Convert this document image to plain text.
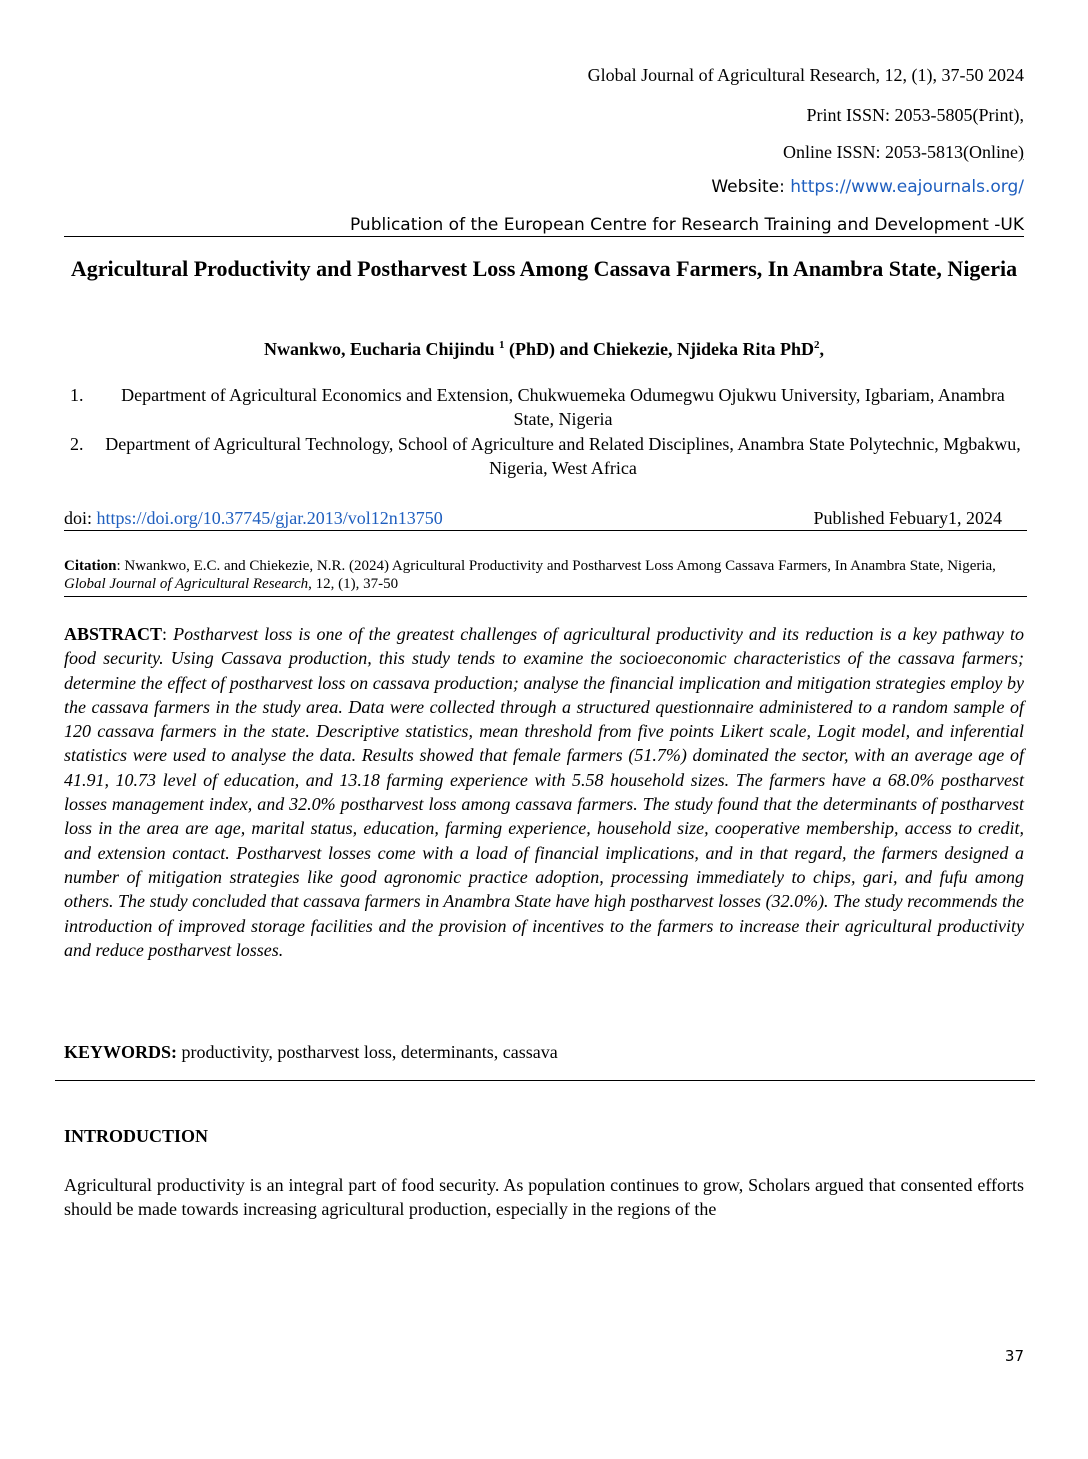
Global Journal of Agricultural Research, 12, (1), 37-50 2024
Print ISSN: 2053-5805(Print),
Online ISSN: 2053-5813(Online)
Website: https://www.eajournals.org/
Publication of the European Centre for Research Training and Development -UK
Agricultural Productivity and Postharvest Loss Among Cassava Farmers, In Anambra State, Nigeria
Nwankwo, Eucharia Chijindu $^1$ (PhD) and Chiekezie, Njideka Rita PhD$^2$,
1.	Department of Agricultural Economics and Extension, Chukwuemeka Odumegwu Ojukwu University, Igbariam, Anambra State, Nigeria
2. Department of Agricultural Technology, School of Agriculture and Related Disciplines, Anambra State Polytechnic, Mgbakwu, Nigeria, West Africa
doi: https://doi.org/10.37745/gjar.2013/vol12n13750	Published Febuary1, 2024
Citation: Nwankwo, E.C. and Chiekezie, N.R. (2024) Agricultural Productivity and Postharvest Loss Among Cassava Farmers, In Anambra State, Nigeria, Global Journal of Agricultural Research, 12, (1), 37-50
ABSTRACT: Postharvest loss is one of the greatest challenges of agricultural productivity and its reduction is a key pathway to food security. Using Cassava production, this study tends to examine the socioeconomic characteristics of the cassava farmers; determine the effect of postharvest loss on cassava production; analyse the financial implication and mitigation strategies employ by the cassava farmers in the study area. Data were collected through a structured questionnaire administered to a random sample of 120 cassava farmers in the state. Descriptive statistics, mean threshold from five points Likert scale, Logit model, and inferential statistics were used to analyse the data. Results showed that female farmers (51.7%) dominated the sector, with an average age of 41.91, 10.73 level of education, and 13.18 farming experience with 5.58 household sizes. The farmers have a 68.0% postharvest losses management index, and 32.0% postharvest loss among cassava farmers. The study found that the determinants of postharvest loss in the area are age, marital status, education, farming experience, household size, cooperative membership, access to credit, and extension contact. Postharvest losses come with a load of financial implications, and in that regard, the farmers designed a number of mitigation strategies like good agronomic practice adoption, processing immediately to chips, gari, and fufu among others. The study concluded that cassava farmers in Anambra State have high postharvest losses (32.0%). The study recommends the introduction of improved storage facilities and the provision of incentives to the farmers to increase their agricultural productivity and reduce postharvest losses.
KEYWORDS: productivity, postharvest loss, determinants, cassava
INTRODUCTION
Agricultural productivity is an integral part of food security. As population continues to grow, Scholars argued that consented efforts should be made towards increasing agricultural production, especially in the regions of the
37
